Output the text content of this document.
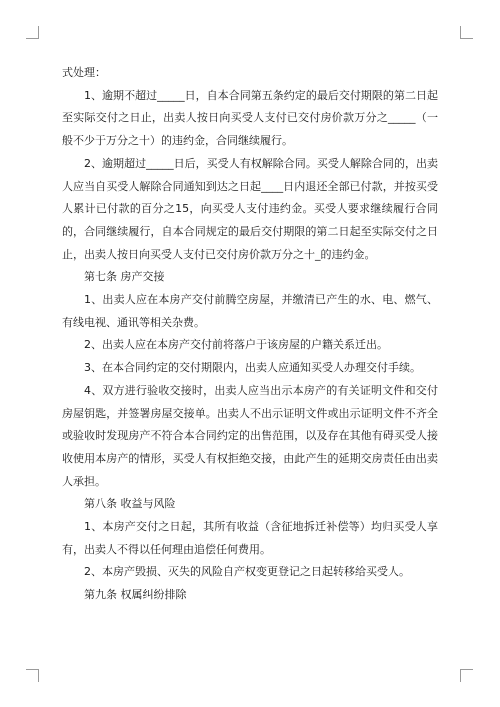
式处理：

1、逾期不超过_____日，自本合同第五条约定的最后交付期限的第二日起至实际交付之日止，出卖人按日向买受人支付已交付房价款万分之_____（一般不少于万分之十）的违约金，合同继续履行。

2、逾期超过_____日后，买受人有权解除合同。买受人解除合同的，出卖人应当自买受人解除合同通知到达之日起____日内退还全部已付款，并按买受人累计已付款的百分之15，向买受人支付违约金。买受人要求继续履行合同的，合同继续履行，自本合同规定的最后交付期限的第二日起至实际交付之日止，出卖人按日向买受人支付已交付房价款万分之十_的违约金。

第七条 房产交接

1、出卖人应在本房产交付前腾空房屋，并缴清已产生的水、电、燃气、有线电视、通讯等相关杂费。

2、出卖人应在本房产交付前将落户于该房屋的户籍关系迁出。

3、在本合同约定的交付期限内，出卖人应通知买受人办理交付手续。

4、双方进行验收交接时，出卖人应当出示本房产的有关证明文件和交付房屋钥匙，并签署房屋交接单。出卖人不出示证明文件或出示证明文件不齐全或验收时发现房产不符合本合同约定的出售范围，以及存在其他有碍买受人接收使用本房产的情形，买受人有权拒绝交接，由此产生的延期交房责任由出卖人承担。

第八条 收益与风险

1、本房产交付之日起，其所有收益（含征地拆迁补偿等）均归买受人享有，出卖人不得以任何理由追偿任何费用。

2、本房产毁损、灭失的风险自产权变更登记之日起转移给买受人。

第九条 权属纠纷排除
